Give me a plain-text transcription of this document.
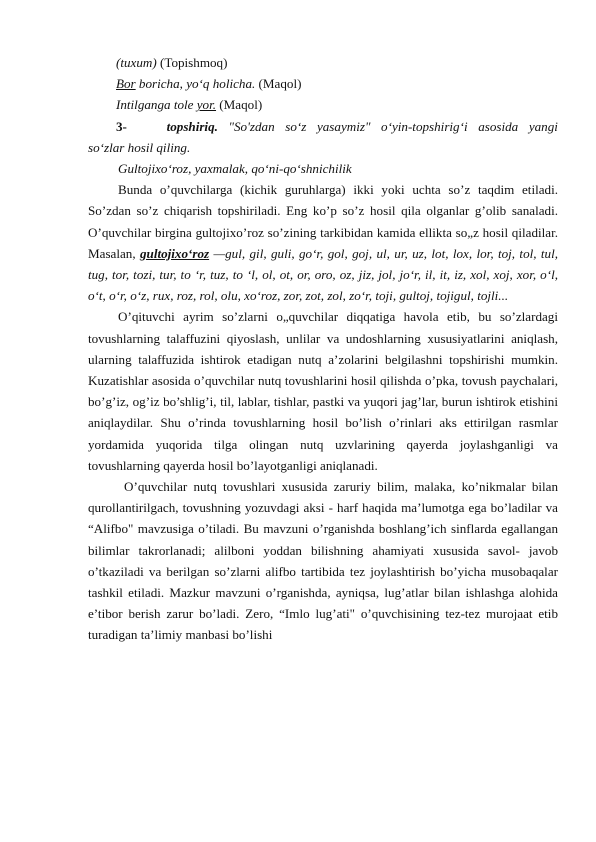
(tuxum) (Topishmoq)
Bor boricha, yo‘q holicha. (Maqol)
Intilganga tole yor. (Maqol)
3-	topshiriq. "So'zdan so‘z yasaymiz" o‘yin-topshirig‘i asosida yangi
so‘zlar hosil qiling.
Gultojixo‘roz, yaxmalak, qo‘ni-qo‘shnichilik
Bunda o’quvchilarga (kichik guruhlarga) ikki yoki uchta so’z taqdim etiladi. So’zdan so’z chiqarish topshiriladi. Eng ko’p so’z hosil qila olganlar g’olib sanaladi. O’quvchilar birgina gultojixo’roz so’zining tarkibidan kamida ellikta so„z hosil qiladilar. Masalan, gultojixo‘roz —gul, gil, guli, go‘r, gol, goj, ul, ur, uz, lot, lox, lor, toj, tol, tul, tug, tor, tozi, tur, to ‘r, tuz, to ‘l, ol, ot, or, oro, oz, jiz, jol, jo‘r, il, it, iz, xol, xoj, xor, o‘l, o‘t, o‘r, o‘z, rux, roz, rol, olu, xo‘roz, zor, zot, zol, zo‘r, toji, gultoj, tojigul, tojli...
O’qituvchi ayrim so’zlarni o„quvchilar diqqatiga havola etib, bu so’zlardagi tovushlarning talaffuzini qiyoslash, unlilar va undoshlarning xususiyatlarini aniqlash, ularning talaffuzida ishtirok etadigan nutq a’zolarini belgilashni topshirishi mumkin. Kuzatishlar asosida o’quvchilar nutq tovushlarini hosil qilishda o’pka, tovush paychalari, bo’g’iz, og’iz bo’shlig’i, til, lablar, tishlar, pastki va yuqori jag’lar, burun ishtirok etishini aniqlaydilar. Shu o’rinda tovushlarning hosil bo’lish o’rinlari aks ettirilgan rasmlar yordamida yuqorida tilga olingan nutq uzvlarining qayerda joylashganligi va tovushlarning qayerda hosil bo’layotganligi aniqlanadi.
O’quvchilar nutq tovushlari xususida zaruriy bilim, malaka, ko’nikmalar bilan qurollantirilgach, tovushning yozuvdagi aksi - harf haqida ma’lumotga ega bo’ladilar va “Alifbo" mavzusiga o’tiladi. Bu mavzuni o’rganishda boshlang’ich sinflarda egallangan bilimlar takrorlanadi; alilboni yoddan bilishning ahamiyati xususida savol- javob o’tkaziladi va berilgan so’zlarni alifbo tartibida tez joylashtirish bo’yicha musobaqalar tashkil etiladi. Mazkur mavzuni o’rganishda, ayniqsa, lug’atlar bilan ishlashga alohida e’tibor berish zarur bo’ladi. Zero, “Imlo lug’ati" o’quvchisining tez-tez murojaat etib turadigan ta’limiy manbasi bo’lishi
